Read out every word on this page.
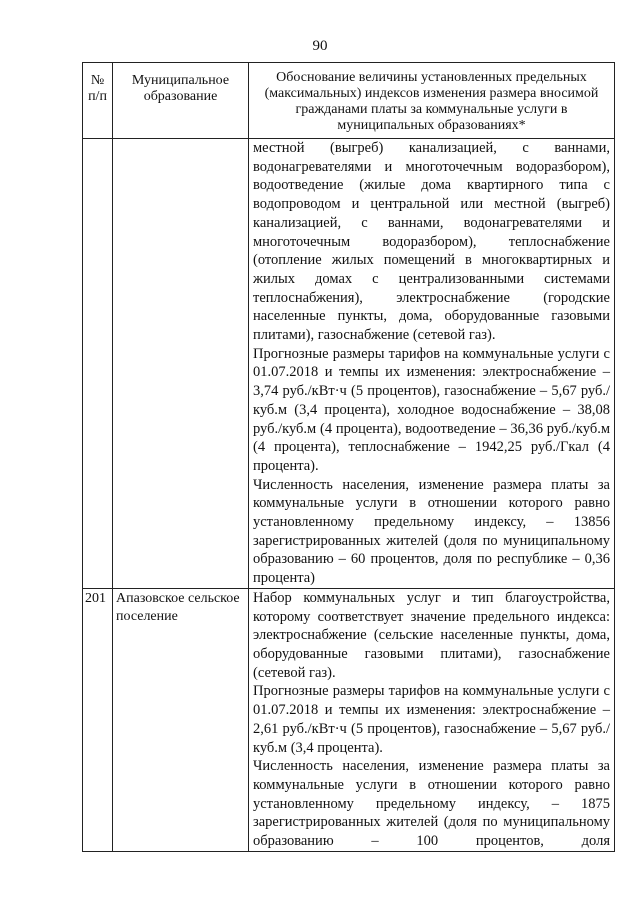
90
№
п/п	Муниципальное образование	Обоснование величины установленных предельных (максимальных) индексов изменения размера вносимой гражданами платы за коммунальные услуги в муниципальных образованиях*

		местной (выгреб) канализацией, с ваннами, водонагревателями и многоточечным водоразбором), водоотведение (жилые дома квартирного типа с водопроводом и центральной или местной (выгреб) канализацией, с ваннами, водонагревателями и многоточечным водоразбором), теплоснабжение (отопление жилых помещений в многоквартирных и жилых домах с централизованными системами теплоснабжения), электроснабжение (городские населенные пункты, дома, оборудованные газовыми плитами), газоснабжение (сетевой газ).

Прогнозные размеры тарифов на коммунальные услуги с 01.07.2018 и темпы их изменения: электроснабжение – 3,74 руб./кВт·ч (5 процентов), газоснабжение – 5,67 руб./куб.м (3,4 процента), холодное водоснабжение – 38,08 руб./куб.м (4 процента), водоотведение – 36,36 руб./куб.м (4 процента), теплоснабжение – 1942,25 руб./Гкал (4 процента).

Численность населения, изменение размера платы за коммунальные услуги в отношении которого равно установленному предельному индексу, – 13856 зарегистрированных жителей (доля по муниципальному образованию – 60 процентов, доля по республике – 0,36 процента)

201	Апазовское сельское поселение	Набор коммунальных услуг и тип благоустройства, которому соответствует значение предельного индекса: электроснабжение (сельские населенные пункты, дома, оборудованные газовыми плитами), газоснабжение (сетевой газ).

Прогнозные размеры тарифов на коммунальные услуги с 01.07.2018 и темпы их изменения: электроснабжение – 2,61 руб./кВт·ч (5 процентов), газоснабжение – 5,67 руб./куб.м (3,4 процента).

Численность населения, изменение размера платы за коммунальные услуги в отношении которого равно установленному предельному индексу, – 1875 зарегистрированных жителей (доля по муниципальному образованию – 100 процентов, доля
